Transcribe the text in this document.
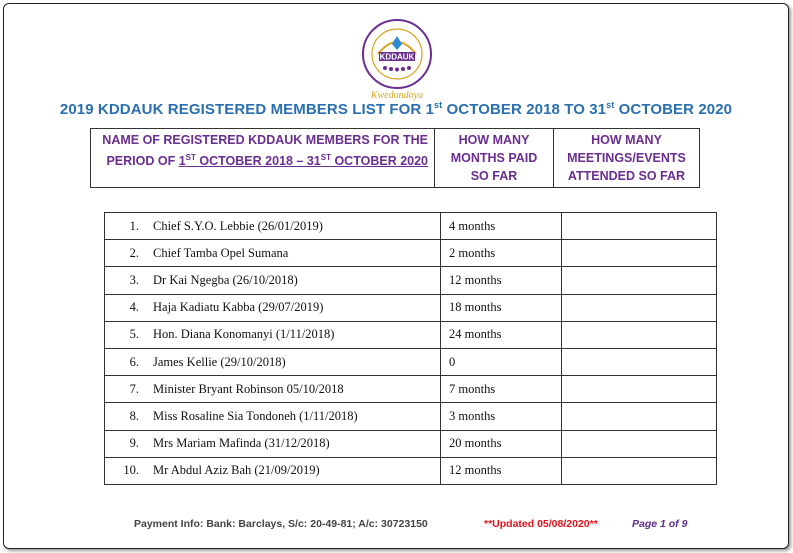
KDDAUK
Kwedondoya
2019 KDDAUK REGISTERED MEMBERS LIST FOR 1st OCTOBER 2018 TO 31st OCTOBER 2020
NAME OF REGISTERED KDDAUK MEMBERS FOR THE
PERIOD OF 1ST OCTOBER 2018 – 31ST OCTOBER 2020

HOW MANY
MONTHS PAID
SO FAR

HOW MANY
MEETINGS/EVENTS
ATTENDED SO FAR
1. Chief S.Y.O. Lebbie (26/01/2019)	4 months	
2. Chief Tamba Opel Sumana	2 months	
3. Dr Kai Ngegba (26/10/2018)	12 months	
4. Haja Kadiatu Kabba (29/07/2019)	18 months	
5. Hon. Diana Konomanyi (1/11/2018)	24 months	
6. James Kellie (29/10/2018)	0	
7. Minister Bryant Robinson 05/10/2018	7 months	
8. Miss Rosaline Sia Tondoneh (1/11/2018)	3 months	
9. Mrs Mariam Mafinda (31/12/2018)	20 months	
10. Mr Abdul Aziz Bah (21/09/2019)	12 months	
Payment Info: Bank: Barclays, S/c: 20-49-81; A/c: 30723150	**Updated 05/08/2020**	Page 1 of 9
